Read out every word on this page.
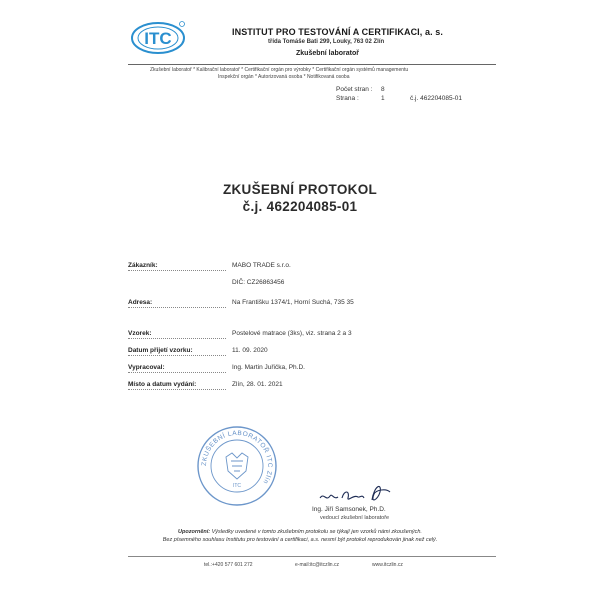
ITC	INSTITUT PRO TESTOVÁNÍ A CERTIFIKACI, a. s.
třída Tomáše Bati 299, Louky, 763 02 Zlín
Zkušební laboratoř
Zkušební laboratoř * Kalibrační laboratoř * Certifikační orgán pro výrobky * Certifikační orgán systémů managementu
Inspekční orgán * Autorizovaná osoba * Notifikovaná osoba
Počet stran : 8
Strana :	1	č.j. 462204085-01
ZKUŠEBNÍ PROTOKOL
č.j. 462204085-01
Zákazník:	MABO TRADE s.r.o.
DIČ: CZ26863456
Adresa:	Na Františku 1374/1, Horní Suchá, 735 35
Vzorek:	Postelové matrace (3ks), viz. strana 2 a 3
Datum přijetí vzorku:	11. 09. 2020
Vypracoval:	Ing. Martin Juřička, Ph.D.
Místo a datum vydání:	Zlín, 28. 01. 2021
ZKUŠEBNÍ LABORATOŘ ITC Zlín
ITC
Ing. Jiří Samsonek, Ph.D.
vedoucí zkušební laboratoře
Upozornění: Výsledky uvedené v tomto zkušebním protokolu se týkají jen vzorků námi zkoušených.
Bez písemného souhlasu Institutu pro testování a certifikaci, a.s. nesmí být protokol reprodukován jinak než celý.
tel.:+420 577 601 272	e-mail:itc@itczlin.cz	www.itczlin.cz
